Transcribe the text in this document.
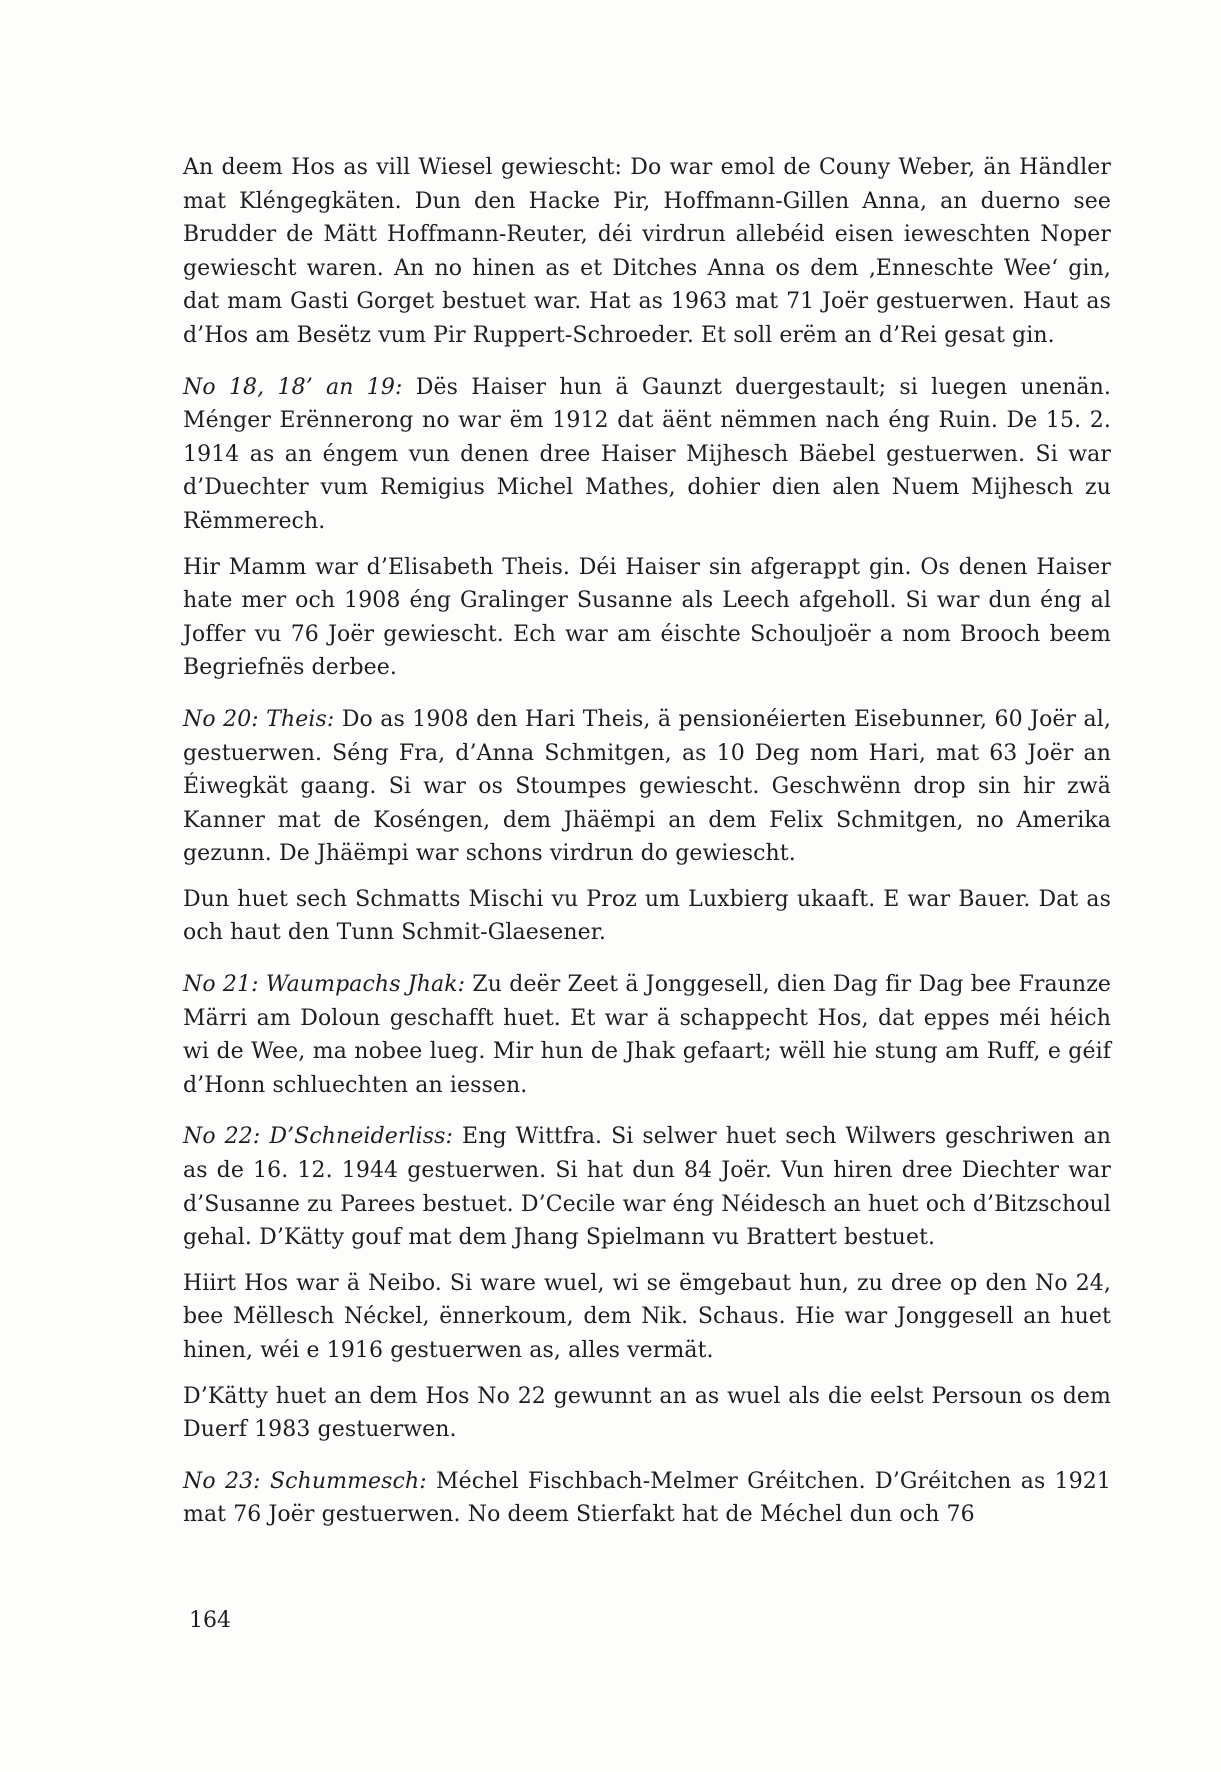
An deem Hos as vill Wiesel gewiescht: Do war emol de Couny Weber, än Händler mat Kléngegkäten. Dun den Hacke Pir, Hoffmann-Gillen Anna, an duerno see Brudder de Mätt Hoffmann-Reuter, déi virdrun allebéid eisen ieweschten Noper gewiescht waren. An no hinen as et Ditches Anna os dem ‚Enneschte Wee‘ gin, dat mam Gasti Gorget bestuet war. Hat as 1963 mat 71 Joër gestuerwen. Haut as d’Hos am Besëtz vum Pir Ruppert-Schroeder. Et soll erëm an d’Rei gesat gin.

No 18, 18’ an 19: Dës Haiser hun ä Gaunzt duergestault; si luegen unenän. Ménger Erënnerong no war ëm 1912 dat äënt nëmmen nach éng Ruin. De 15. 2. 1914 as an éngem vun denen dree Haiser Mijhesch Bäebel gestuerwen. Si war d’Duechter vum Remigius Michel Mathes, dohier dien alen Nuem Mijhesch zu Rëmmerech.

Hir Mamm war d’Elisabeth Theis. Déi Haiser sin afgerappt gin. Os denen Haiser hate mer och 1908 éng Gralinger Susanne als Leech afgeholl. Si war dun éng al Joffer vu 76 Joër gewiescht. Ech war am éischte Schouljoër a nom Brooch beem Begriefnës derbee.

No 20: Theis: Do as 1908 den Hari Theis, ä pensionéierten Eisebunner, 60 Joër al, gestuerwen. Séng Fra, d’Anna Schmitgen, as 10 Deg nom Hari, mat 63 Joër an Éiwegkät gaang. Si war os Stoumpes gewiescht. Geschwënn drop sin hir zwä Kanner mat de Koséngen, dem Jhäëmpi an dem Felix Schmitgen, no Amerika gezunn. De Jhäëmpi war schons virdrun do gewiescht.

Dun huet sech Schmatts Mischi vu Proz um Luxbierg ukaaft. E war Bauer. Dat as och haut den Tunn Schmit-Glaesener.

No 21: Waumpachs Jhak: Zu deër Zeet ä Jonggesell, dien Dag fir Dag bee Fraunze Märri am Doloun geschafft huet. Et war ä schappecht Hos, dat eppes méi héich wi de Wee, ma nobee lueg. Mir hun de Jhak gefaart; wëll hie stung am Ruff, e géif d’Honn schluechten an iessen.

No 22: D’Schneiderliss: Eng Wittfra. Si selwer huet sech Wilwers geschriwen an as de 16. 12. 1944 gestuerwen. Si hat dun 84 Joër. Vun hiren dree Diechter war d’Susanne zu Parees bestuet. D’Cecile war éng Néidesch an huet och d’Bitzschoul gehal. D’Kätty gouf mat dem Jhang Spielmann vu Brattert bestuet.

Hiirt Hos war ä Neibo. Si ware wuel, wi se ëmgebaut hun, zu dree op den No 24, bee Mëllesch Néckel, ënnerkoum, dem Nik. Schaus. Hie war Jonggesell an huet hinen, wéi e 1916 gestuerwen as, alles vermät.

D’Kätty huet an dem Hos No 22 gewunnt an as wuel als die eelst Persoun os dem Duerf 1983 gestuerwen.

No 23: Schummesch: Méchel Fischbach-Melmer Gréitchen. D’Gréitchen as 1921 mat 76 Joër gestuerwen. No deem Stierfakt hat de Méchel dun och 76

164
